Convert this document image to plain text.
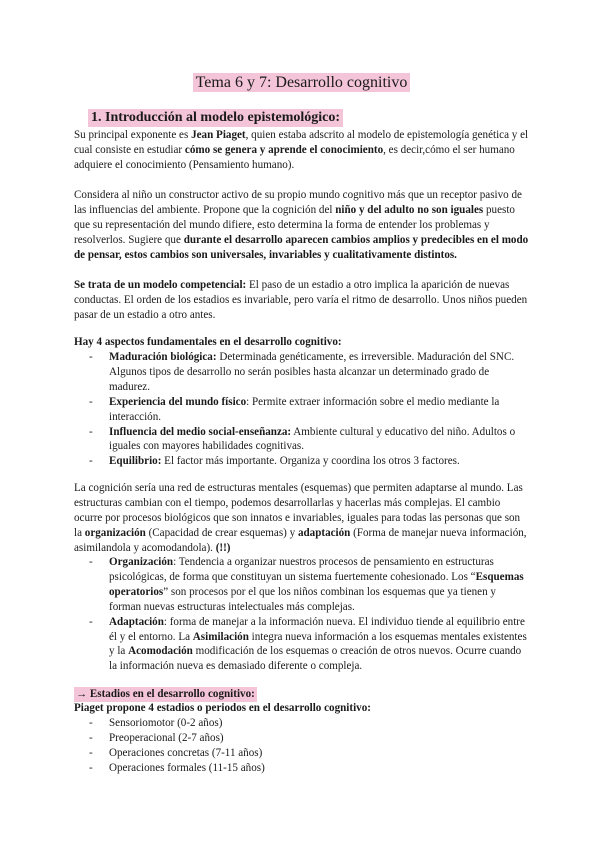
Tema 6 y 7: Desarrollo cognitivo
1. Introducción al modelo epistemológico:

Su principal exponente es Jean Piaget, quien estaba adscrito al modelo de epistemología genética y el cual consiste en estudiar cómo se genera y aprende el conocimiento, es decir,cómo el ser humano adquiere el conocimiento (Pensamiento humano).

Considera al niño un constructor activo de su propio mundo cognitivo más que un receptor pasivo de las influencias del ambiente. Propone que la cognición del niño y del adulto no son iguales puesto que su representación del mundo difiere, esto determina la forma de entender los problemas y resolverlos. Sugiere que durante el desarrollo aparecen cambios amplios y predecibles en el modo de pensar, estos cambios son universales, invariables y cualitativamente distintos.

Se trata de un modelo competencial: El paso de un estadio a otro implica la aparición de nuevas conductas. El orden de los estadios es invariable, pero varía el ritmo de desarrollo. Unos niños pueden pasar de un estadio a otro antes.

Hay 4 aspectos fundamentales en el desarrollo cognitivo:

- Maduración biológica: Determinada genéticamente, es irreversible. Maduración del SNC. Algunos tipos de desarrollo no serán posibles hasta alcanzar un determinado grado de madurez.
- Experiencia del mundo físico: Permite extraer información sobre el medio mediante la interacción.
- Influencia del medio social-enseñanza: Ambiente cultural y educativo del niño. Adultos o iguales con mayores habilidades cognitivas.
- Equilibrio: El factor más importante. Organiza y coordina los otros 3 factores.

La cognición sería una red de estructuras mentales (esquemas) que permiten adaptarse al mundo. Las estructuras cambian con el tiempo, podemos desarrollarlas y hacerlas más complejas. El cambio ocurre por procesos biológicos que son innatos e invariables, iguales para todas las personas que son la organización (Capacidad de crear esquemas) y adaptación (Forma de manejar nueva información, asimilandola y acomodandola). (!!)

- Organización: Tendencia a organizar nuestros procesos de pensamiento en estructuras psicológicas, de forma que constituyan un sistema fuertemente cohesionado. Los “Esquemas operatorios” son procesos por el que los niños combinan los esquemas que ya tienen y forman nuevas estructuras intelectuales más complejas.
- Adaptación: forma de manejar a la información nueva. El individuo tiende al equilibrio entre él y el entorno. La Asimilación integra nueva información a los esquemas mentales existentes y la Acomodación modificación de los esquemas o creación de otros nuevos. Ocurre cuando la información nueva es demasiado diferente o compleja.

→ Estadios en el desarrollo cognitivo:

Piaget propone 4 estadios o periodos en el desarrollo cognitivo:

- Sensoriomotor (0-2 años)
- Preoperacional (2-7 años)
- Operaciones concretas (7-11 años)
- Operaciones formales (11-15 años)
